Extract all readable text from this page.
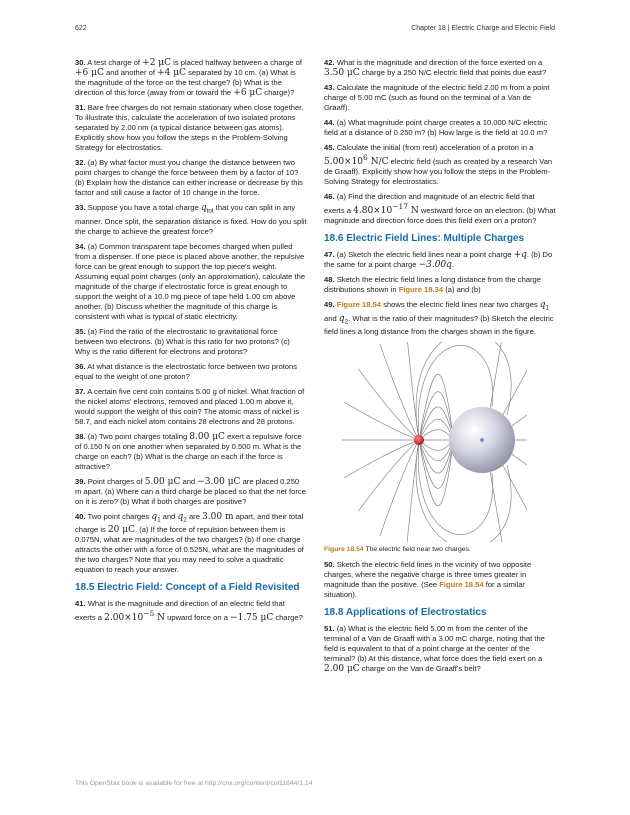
622	Chapter 18 | Electric Charge and Electric Field

30. A test charge of +2 μC is placed halfway between a charge of +6 μC and another of +4 μC separated by 10 cm. (a) What is the magnitude of the force on the test charge? (b) What is the direction of this force (away from or toward the +6 μC charge)?

31. Bare free charges do not remain stationary when close together. To illustrate this, calculate the acceleration of two isolated protons separated by 2.00 nm (a typical distance between gas atoms). Explicitly show how you follow the steps in the Problem-Solving Strategy for electrostatics.

32. (a) By what factor must you change the distance between two point charges to change the force between them by a factor of 10? (b) Explain how the distance can either increase or decrease by this factor and still cause a factor of 10 change in the force.

33. Suppose you have a total charge $q_{tot}$ that you can split in any manner. Once split, the separation distance is fixed. How do you split the charge to achieve the greatest force?

34. (a) Common transparent tape becomes charged when pulled from a dispenser. If one piece is placed above another, the repulsive force can be great enough to support the top piece's weight. Assuming equal point charges (only an approximation), calculate the magnitude of the charge if electrostatic force is great enough to support the weight of a 10.0 mg piece of tape held 1.00 cm above another. (b) Discuss whether the magnitude of this charge is consistent with what is typical of static electricity.

35. (a) Find the ratio of the electrostatic to gravitational force between two electrons. (b) What is this ratio for two protons? (c) Why is the ratio different for electrons and protons?

36. At what distance is the electrostatic force between two protons equal to the weight of one proton?

37. A certain five cent coin contains 5.00 g of nickel. What fraction of the nickel atoms' electrons, removed and placed 1.00 m above it, would support the weight of this coin? The atomic mass of nickel is 58.7, and each nickel atom contains 28 electrons and 28 protons.

38. (a) Two point charges totaling 8.00 μC exert a repulsive force of 0.150 N on one another when separated by 0.500 m. What is the charge on each? (b) What is the charge on each if the force is attractive?

39. Point charges of 5.00 μC and −3.00 μC are placed 0.250 m apart. (a) Where can a third charge be placed so that the net force on it is zero? (b) What if both charges are positive?

40. Two point charges $q_1$ and $q_2$ are 3.00 m apart, and their total charge is 20 μC. (a) If the force of repulsion between them is 0.075N, what are magnitudes of the two charges? (b) If one charge attracts the other with a force of 0.525N, what are the magnitudes of the two charges? Note that you may need to solve a quadratic equation to reach your answer.

18.5 Electric Field: Concept of a Field Revisited

41. What is the magnitude and direction of an electric field that exerts a $2.00\times 10^{-5}$ N upward force on a −1.75 μC charge?

42. What is the magnitude and direction of the force exerted on a 3.50 μC charge by a 250 N/C electric field that points due east?

43. Calculate the magnitude of the electric field 2.00 m from a point charge of 5.00 mC (such as found on the terminal of a Van de Graaff).

44. (a) What magnitude point charge creates a 10,000 N/C electric field at a distance of 0.250 m? (b) How large is the field at 10.0 m?

45. Calculate the initial (from rest) acceleration of a proton in a $5.00\times 10^6$ N/C electric field (such as created by a research Van de Graaff). Explicitly show how you follow the steps in the Problem-Solving Strategy for electrostatics.

46. (a) Find the direction and magnitude of an electric field that exerts a $4.80\times 10^{-17}$ N westward force on an electron. (b) What magnitude and direction force does this field exert on a proton?

18.6 Electric Field Lines: Multiple Charges

47. (a) Sketch the electric field lines near a point charge +q. (b) Do the same for a point charge −3.00q.

48. Sketch the electric field lines a long distance from the charge distributions shown in Figure 18.34 (a) and (b)

49. Figure 18.54 shows the electric field lines near two charges $q_1$ and $q_2$. What is the ratio of their magnitudes? (b) Sketch the electric field lines a long distance from the charges shown in the figure.

Figure 18.54 The electric field near two charges.

50. Sketch the electric field lines in the vicinity of two opposite charges, where the negative charge is three times greater in magnitude than the positive. (See Figure 18.54 for a similar situation).

18.8 Applications of Electrostatics

51. (a) What is the electric field 5.00 m from the center of the terminal of a Van de Graaff with a 3.00 mC charge, noting that the field is equivalent to that of a point charge at the center of the terminal? (b) At this distance, what force does the field exert on a 2.00 μC charge on the Van de Graaff's belt?

This OpenStax book is available for free at http://cnx.org/content/col11844/1.14
